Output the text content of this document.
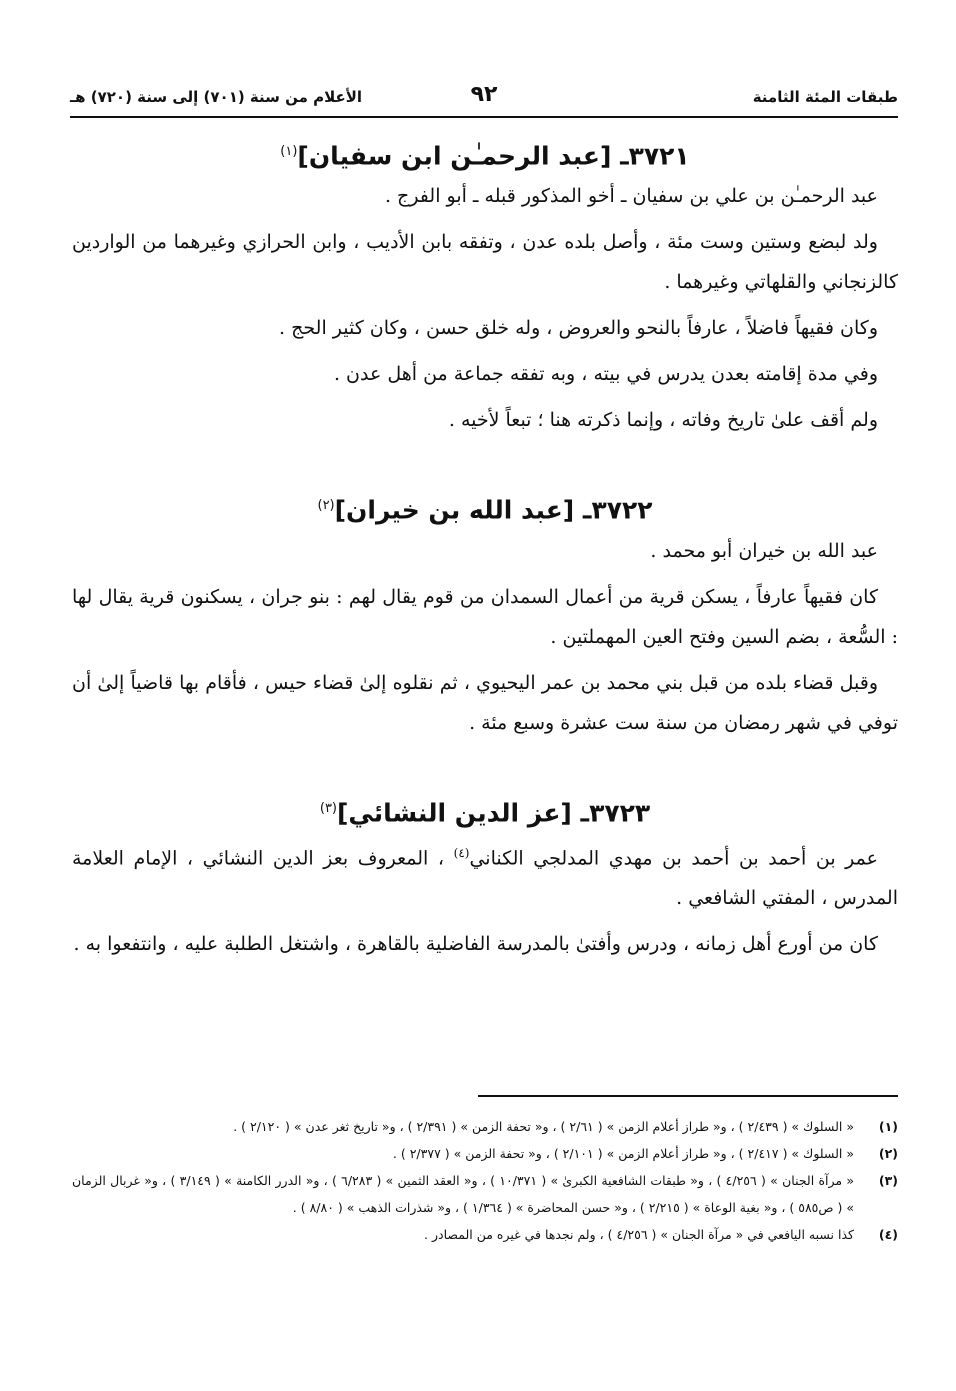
طبقات المئة الثامنة
٩٢
الأعلام من سنة (٧٠١) إلى سنة (٧٢٠) هـ
٣٧٢١ـ [عبد الرحمـٰن ابن سفيان]$^{(١)}$

عبد الرحمـٰن بن علي بن سفيان ـ أخو المذكور قبله ـ أبو الفرج .

ولد لبضع وستين وست مئة ، وأصل بلده عدن ، وتفقه بابن الأديب ، وابن الحرازي وغيرهما من الواردين كالزنجاني والقلهاتي وغيرهما .

وكان فقيهاً فاضلاً ، عارفاً بالنحو والعروض ، وله خلق حسن ، وكان كثير الحج .

وفي مدة إقامته بعدن يدرس في بيته ، وبه تفقه جماعة من أهل عدن .

ولم أقف علىٰ تاريخ وفاته ، وإنما ذكرته هنا ؛ تبعاً لأخيه .

٣٧٢٢ـ [عبد الله بن خيران]$^{(٢)}$

عبد الله بن خيران أبو محمد .

كان فقيهاً عارفاً ، يسكن قرية من أعمال السمدان من قوم يقال لهم : بنو جران ، يسكنون قرية يقال لها : السُّعة ، بضم السين وفتح العين المهملتين .

وقبل قضاء بلده من قبل بني محمد بن عمر اليحيوي ، ثم نقلوه إلىٰ قضاء حيس ، فأقام بها قاضياً إلىٰ أن توفي في شهر رمضان من سنة ست عشرة وسبع مئة .

٣٧٢٣ـ [عز الدين النشائي]$^{(٣)}$

عمر بن أحمد بن أحمد بن مهدي المدلجي الكناني$^{(٤)}$ ، المعروف بعز الدين النشائي ، الإمام العلامة المدرس ، المفتي الشافعي .

كان من أورع أهل زمانه ، ودرس وأفتىٰ بالمدرسة الفاضلية بالقاهرة ، واشتغل الطلبة عليه ، وانتفعوا به .

(١)
« السلوك » ( ٢/٤٣٩ ) ، و« طراز أعلام الزمن » ( ٢/٦١ ) ، و« تحفة الزمن » ( ٢/٣٩١ ) ، و« تاريخ ثغر عدن » ( ٢/١٢٠ ) .
(٢)
« السلوك » ( ٢/٤١٧ ) ، و« طراز أعلام الزمن » ( ٢/١٠١ ) ، و« تحفة الزمن » ( ٢/٣٧٧ ) .
(٣)
« مرآة الجنان » ( ٤/٢٥٦ ) ، و« طبقات الشافعية الكبرىٰ » ( ١٠/٣٧١ ) ، و« العقد الثمين » ( ٦/٢٨٣ ) ، و« الدرر الكامنة » ( ٣/١٤٩ ) ، و« غربال الزمان » ( ص٥٨٥ ) ، و« بغية الوعاة » ( ٢/٢١٥ ) ، و« حسن المحاضرة » ( ١/٣٦٤ ) ، و« شذرات الذهب » ( ٨/٨٠ ) .
(٤)
كذا نسبه اليافعي في « مرآة الجنان » ( ٤/٢٥٦ ) ، ولم نجدها في غيره من المصادر .
